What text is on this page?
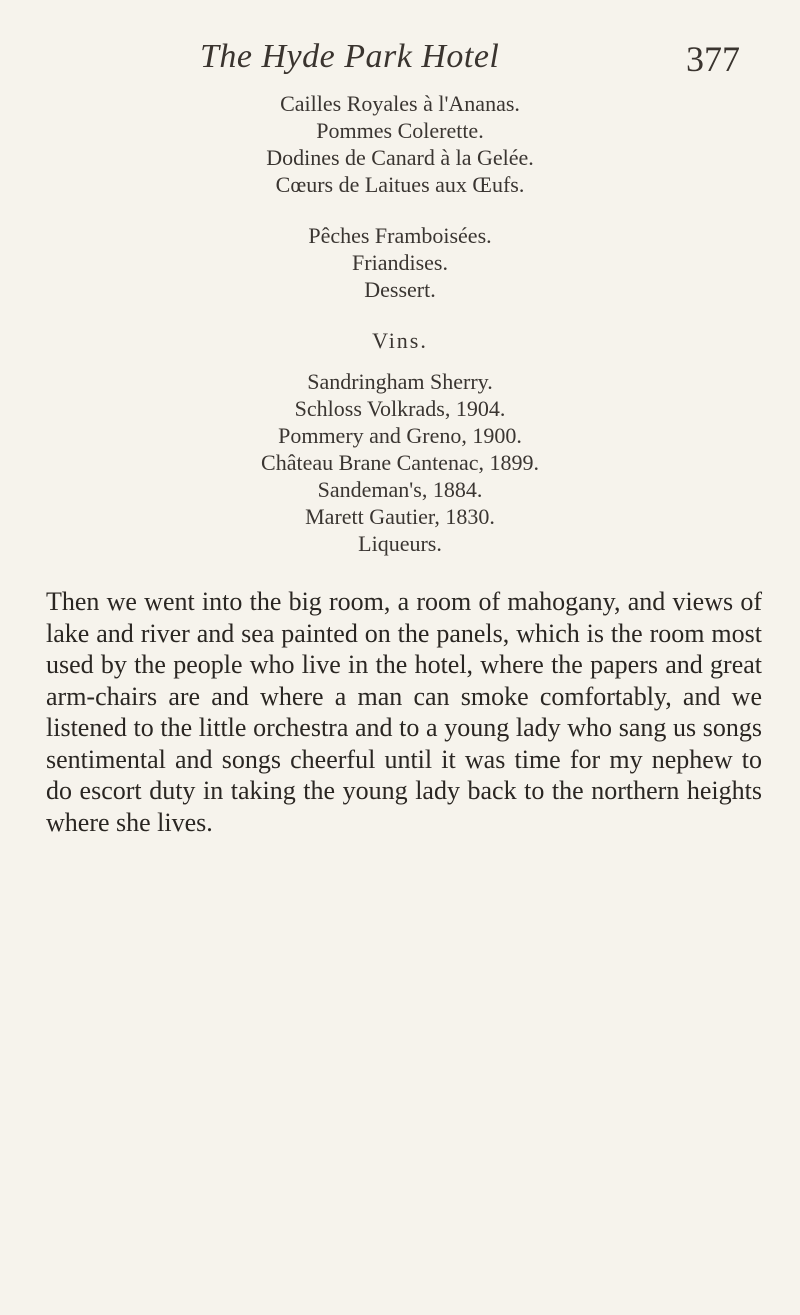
The Hyde Park Hotel	377
Cailles Royales à l'Ananas.
Pommes Colerette.
Dodines de Canard à la Gelée.
Cœurs de Laitues aux Œufs.
Pêches Framboisées.
Friandises.
Dessert.
Vins.
Sandringham Sherry.
Schloss Volkrads, 1904.
Pommery and Greno, 1900.
Château Brane Cantenac, 1899.
Sandeman's, 1884.
Marett Gautier, 1830.
Liqueurs.

Then we went into the big room, a room of mahogany, and views of lake and river and sea painted on the panels, which is the room most used by the people who live in the hotel, where the papers and great arm-chairs are and where a man can smoke comfortably, and we listened to the little orchestra and to a young lady who sang us songs sentimental and songs cheerful until it was time for my nephew to do escort duty in taking the young lady back to the northern heights where she lives.
